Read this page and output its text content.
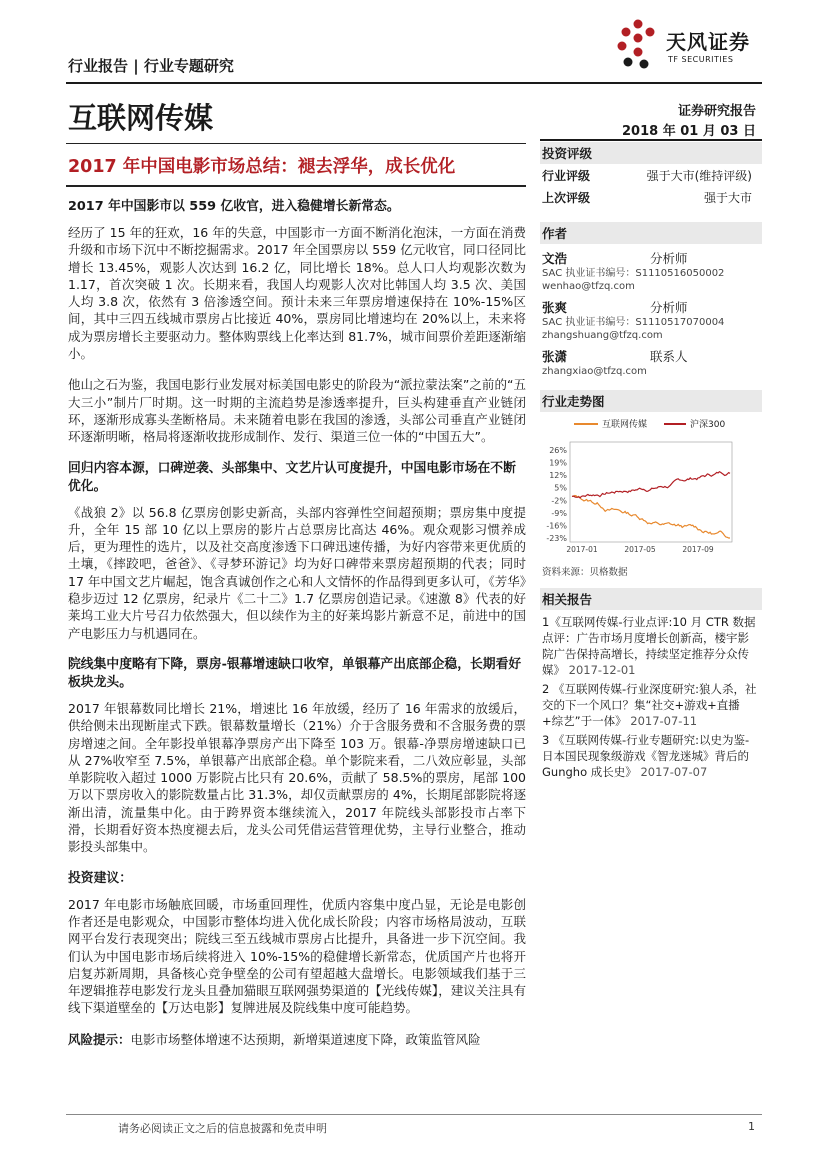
行业报告 | 行业专题研究
天风证券
TF SECURITIES
互联网传媒	证券研究报告
2018 年 01 月 03 日
2017 年中国电影市场总结：褪去浮华，成长优化
2017 年中国影市以 559 亿收官，进入稳健增长新常态。

经历了 15 年的狂欢，16 年的失意，中国影市一方面不断消化泡沫，一方面在消费升级和市场下沉中不断挖掘需求。2017 年全国票房以 559 亿元收官，同口径同比增长 13.45%，观影人次达到 16.2 亿，同比增长 18%。总人口人均观影次数为 1.17，首次突破 1 次。长期来看，我国人均观影人次对比韩国人均 3.5 次、美国人均 3.8 次，依然有 3 倍渗透空间。预计未来三年票房增速保持在 10%-15%区间，其中三四五线城市票房占比接近 40%，票房同比增速均在 20%以上，未来将成为票房增长主要驱动力。整体购票线上化率达到 81.7%，城市间票价差距逐渐缩小。

他山之石为鉴，我国电影行业发展对标美国电影史的阶段为“派拉蒙法案”之前的“五大三小”制片厂时期。这一时期的主流趋势是渗透率提升，巨头构建垂直产业链闭环，逐渐形成寡头垄断格局。未来随着电影在我国的渗透，头部公司垂直产业链闭环逐渐明晰，格局将逐渐收拢形成制作、发行、渠道三位一体的“中国五大”。

回归内容本源，口碑逆袭、头部集中、文艺片认可度提升，中国电影市场在不断优化。

《战狼 2》以 56.8 亿票房创影史新高，头部内容弹性空间超预期；票房集中度提升，全年 15 部 10 亿以上票房的影片占总票房比高达 46%。观众观影习惯养成后，更为理性的选片，以及社交高度渗透下口碑迅速传播，为好内容带来更优质的土壤，《摔跤吧，爸爸》、《寻梦环游记》均为好口碑带来票房超预期的代表；同时 17 年中国文艺片崛起，饱含真诚创作之心和人文情怀的作品得到更多认可，《芳华》稳步迈过 12 亿票房，纪录片《二十二》1.7 亿票房创造记录。《速激 8》代表的好莱坞工业大片号召力依然强大，但以续作为主的好莱坞影片新意不足，前进中的国产电影压力与机遇同在。

院线集中度略有下降，票房-银幕增速缺口收窄，单银幕产出底部企稳，长期看好板块龙头。

2017 年银幕数同比增长 21%，增速比 16 年放缓，经历了 16 年需求的放缓后，供给侧未出现断崖式下跌。银幕数量增长（21%）介于含服务费和不含服务费的票房增速之间。全年影投单银幕净票房产出下降至 103 万。银幕-净票房增速缺口已从 27%收窄至 7.5%，单银幕产出底部企稳。单个影院来看，二八效应彰显，头部单影院收入超过 1000 万影院占比只有 20.6%，贡献了 58.5%的票房，尾部 100 万以下票房收入的影院数量占比 31.3%，却仅贡献票房的 4%，长期尾部影院将逐渐出清，流量集中化。由于跨界资本继续流入，2017 年院线头部影投市占率下滑，长期看好资本热度褪去后，龙头公司凭借运营管理优势，主导行业整合，推动影投头部集中。

投资建议：

2017 年电影市场触底回暖，市场重回理性，优质内容集中度凸显，无论是电影创作者还是电影观众，中国影市整体均进入优化成长阶段；内容市场格局波动，互联网平台发行表现突出；院线三至五线城市票房占比提升，具备进一步下沉空间。我们认为中国电影市场后续将进入 10%-15%的稳健增长新常态，优质国产片也将开启复苏新周期，具备核心竞争壁垒的公司有望超越大盘增长。电影领域我们基于三年逻辑推荐电影发行龙头且叠加猫眼互联网强势渠道的【光线传媒】，建议关注具有线下渠道壁垒的【万达电影】复牌进展及院线集中度可能趋势。

风险提示：电影市场整体增速不达预期，新增渠道速度下降，政策监管风险

投资评级
行业评级	强于大市(维持评级)
上次评级	强于大市
作者
文浩	分析师
SAC 执业证书编号：S1110516050002
wenhao@tfzq.com
张爽	分析师
SAC 执业证书编号：S1110517070004
zhangshuang@tfzq.com
张潇	联系人
zhangxiao@tfzq.com
行业走势图
26%
19%
12%
5%
-2%
-9%
-16%
-23%
2017-01	2017-05	2017-09
互联网传媒	沪深300
资料来源：贝格数据
相关报告
1《互联网传媒-行业点评:10 月 CTR 数据点评：广告市场月度增长创新高，楼宇影院广告保持高增长，持续坚定推荐分众传媒》 2017-12-01
2 《互联网传媒-行业深度研究:狼人杀，社交的下一个风口？集“社交+游戏+直播+综艺”于一体》 2017-07-11
3 《互联网传媒-行业专题研究:以史为鉴-日本国民现象级游戏《智龙迷城》背后的 Gungho 成长史》 2017-07-07
请务必阅读正文之后的信息披露和免责申明	1
